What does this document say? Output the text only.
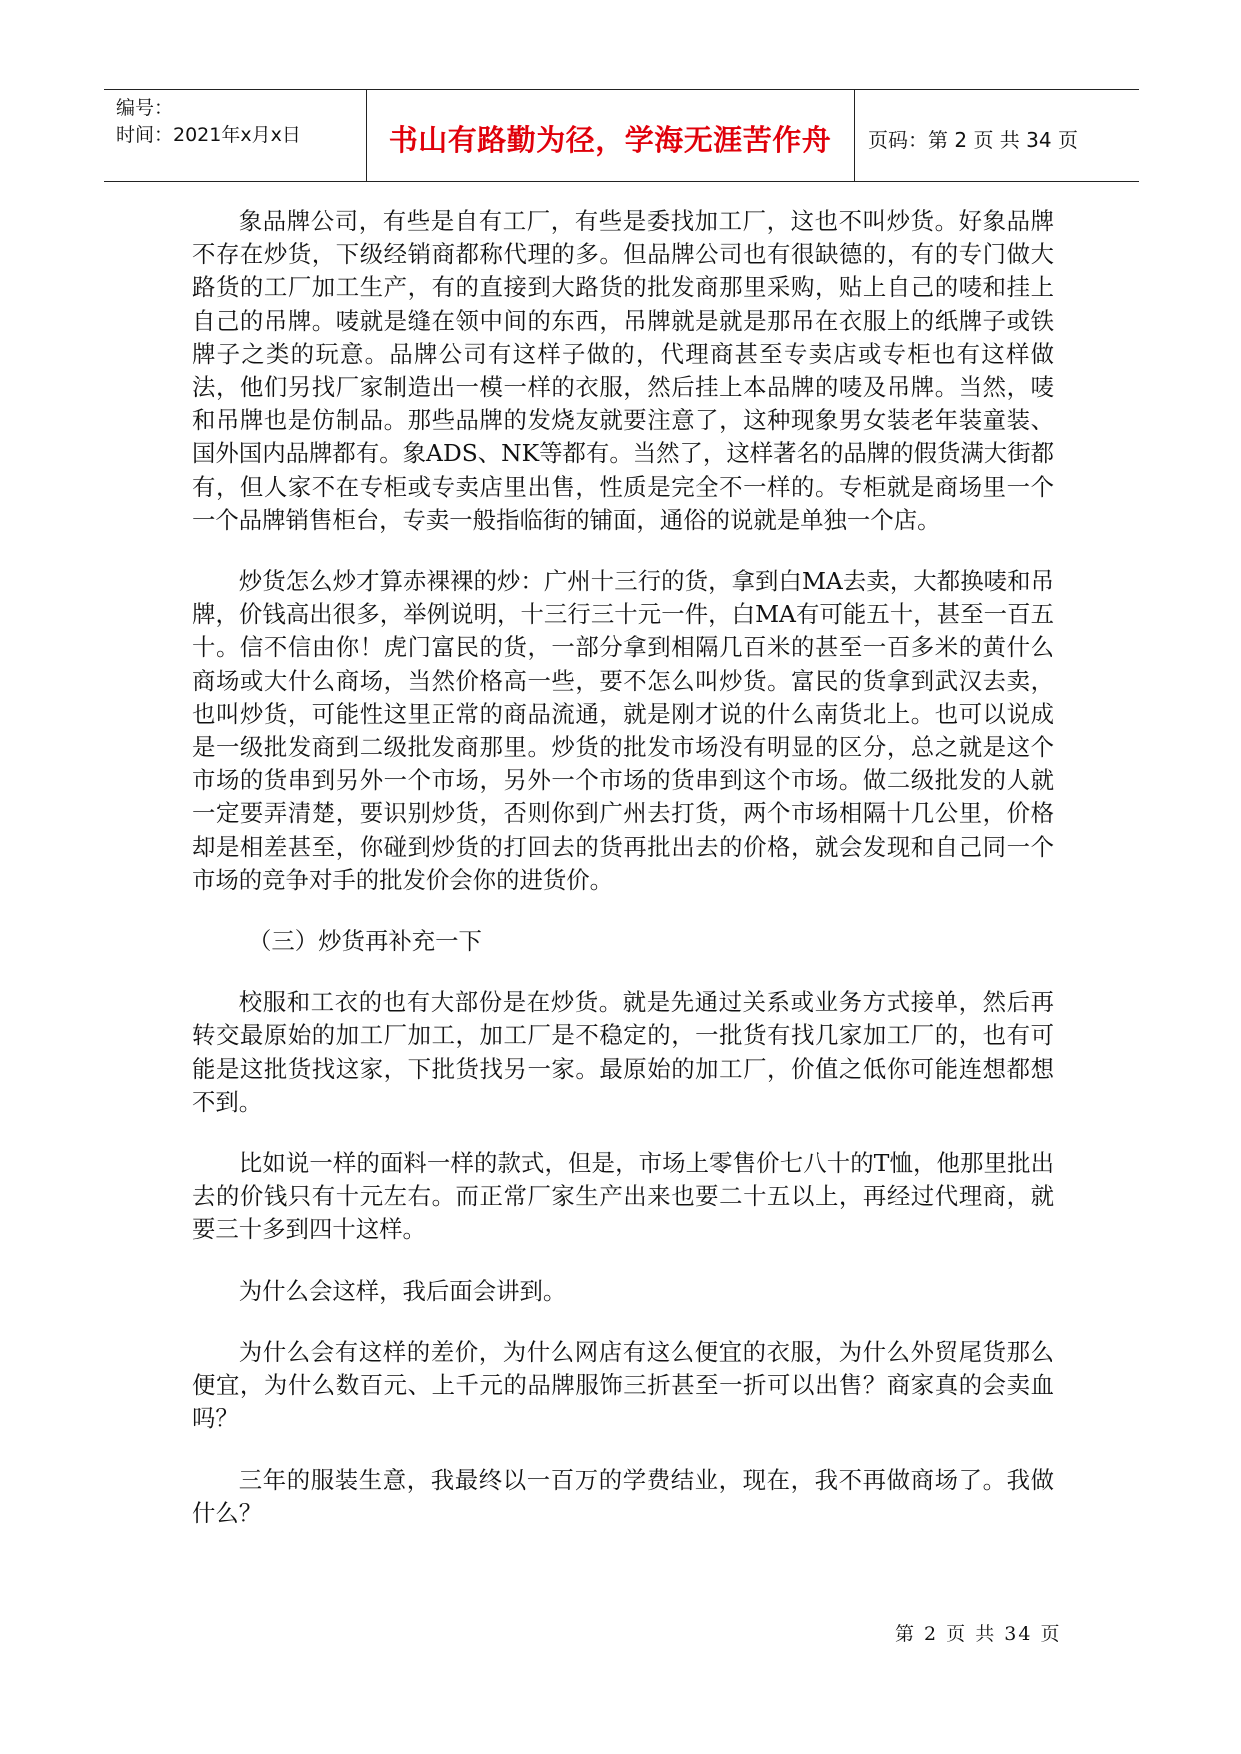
编号：
时间：2021年x月x日	书山有路勤为径，学海无涯苦作舟	页码：第 2 页 共 34 页

象品牌公司，有些是自有工厂，有些是委找加工厂，这也不叫炒货。好象品牌不存在炒货，下级经销商都称代理的多。但品牌公司也有很缺德的，有的专门做大路货的工厂加工生产，有的直接到大路货的批发商那里采购，贴上自己的唛和挂上自己的吊牌。唛就是缝在领中间的东西，吊牌就是就是那吊在衣服上的纸牌子或铁牌子之类的玩意。品牌公司有这样子做的，代理商甚至专卖店或专柜也有这样做法，他们另找厂家制造出一模一样的衣服，然后挂上本品牌的唛及吊牌。当然，唛和吊牌也是仿制品。那些品牌的发烧友就要注意了，这种现象男女装老年装童装、国外国内品牌都有。象ADS、NK等都有。当然了，这样著名的品牌的假货满大街都有，但人家不在专柜或专卖店里出售，性质是完全不一样的。专柜就是商场里一个一个品牌销售柜台，专卖一般指临街的铺面，通俗的说就是单独一个店。

炒货怎么炒才算赤裸裸的炒：广州十三行的货，拿到白MA去卖，大都换唛和吊牌，价钱高出很多，举例说明，十三行三十元一件，白MA有可能五十，甚至一百五十。信不信由你！虎门富民的货，一部分拿到相隔几百米的甚至一百多米的黄什么商场或大什么商场，当然价格高一些，要不怎么叫炒货。富民的货拿到武汉去卖，也叫炒货，可能性这里正常的商品流通，就是刚才说的什么南货北上。也可以说成是一级批发商到二级批发商那里。炒货的批发市场没有明显的区分，总之就是这个市场的货串到另外一个市场，另外一个市场的货串到这个市场。做二级批发的人就一定要弄清楚，要识别炒货，否则你到广州去打货，两个市场相隔十几公里，价格却是相差甚至，你碰到炒货的打回去的货再批出去的价格，就会发现和自己同一个市场的竞争对手的批发价会你的进货价。

（三）炒货再补充一下

校服和工衣的也有大部份是在炒货。就是先通过关系或业务方式接单，然后再转交最原始的加工厂加工，加工厂是不稳定的，一批货有找几家加工厂的，也有可能是这批货找这家，下批货找另一家。最原始的加工厂，价值之低你可能连想都想不到。

比如说一样的面料一样的款式，但是，市场上零售价七八十的T恤，他那里批出去的价钱只有十元左右。而正常厂家生产出来也要二十五以上，再经过代理商，就要三十多到四十这样。

为什么会这样，我后面会讲到。

为什么会有这样的差价，为什么网店有这么便宜的衣服，为什么外贸尾货那么便宜，为什么数百元、上千元的品牌服饰三折甚至一折可以出售？商家真的会卖血吗？

三年的服装生意，我最终以一百万的学费结业，现在，我不再做商场了。我做什么？

第 2 页 共 34 页
